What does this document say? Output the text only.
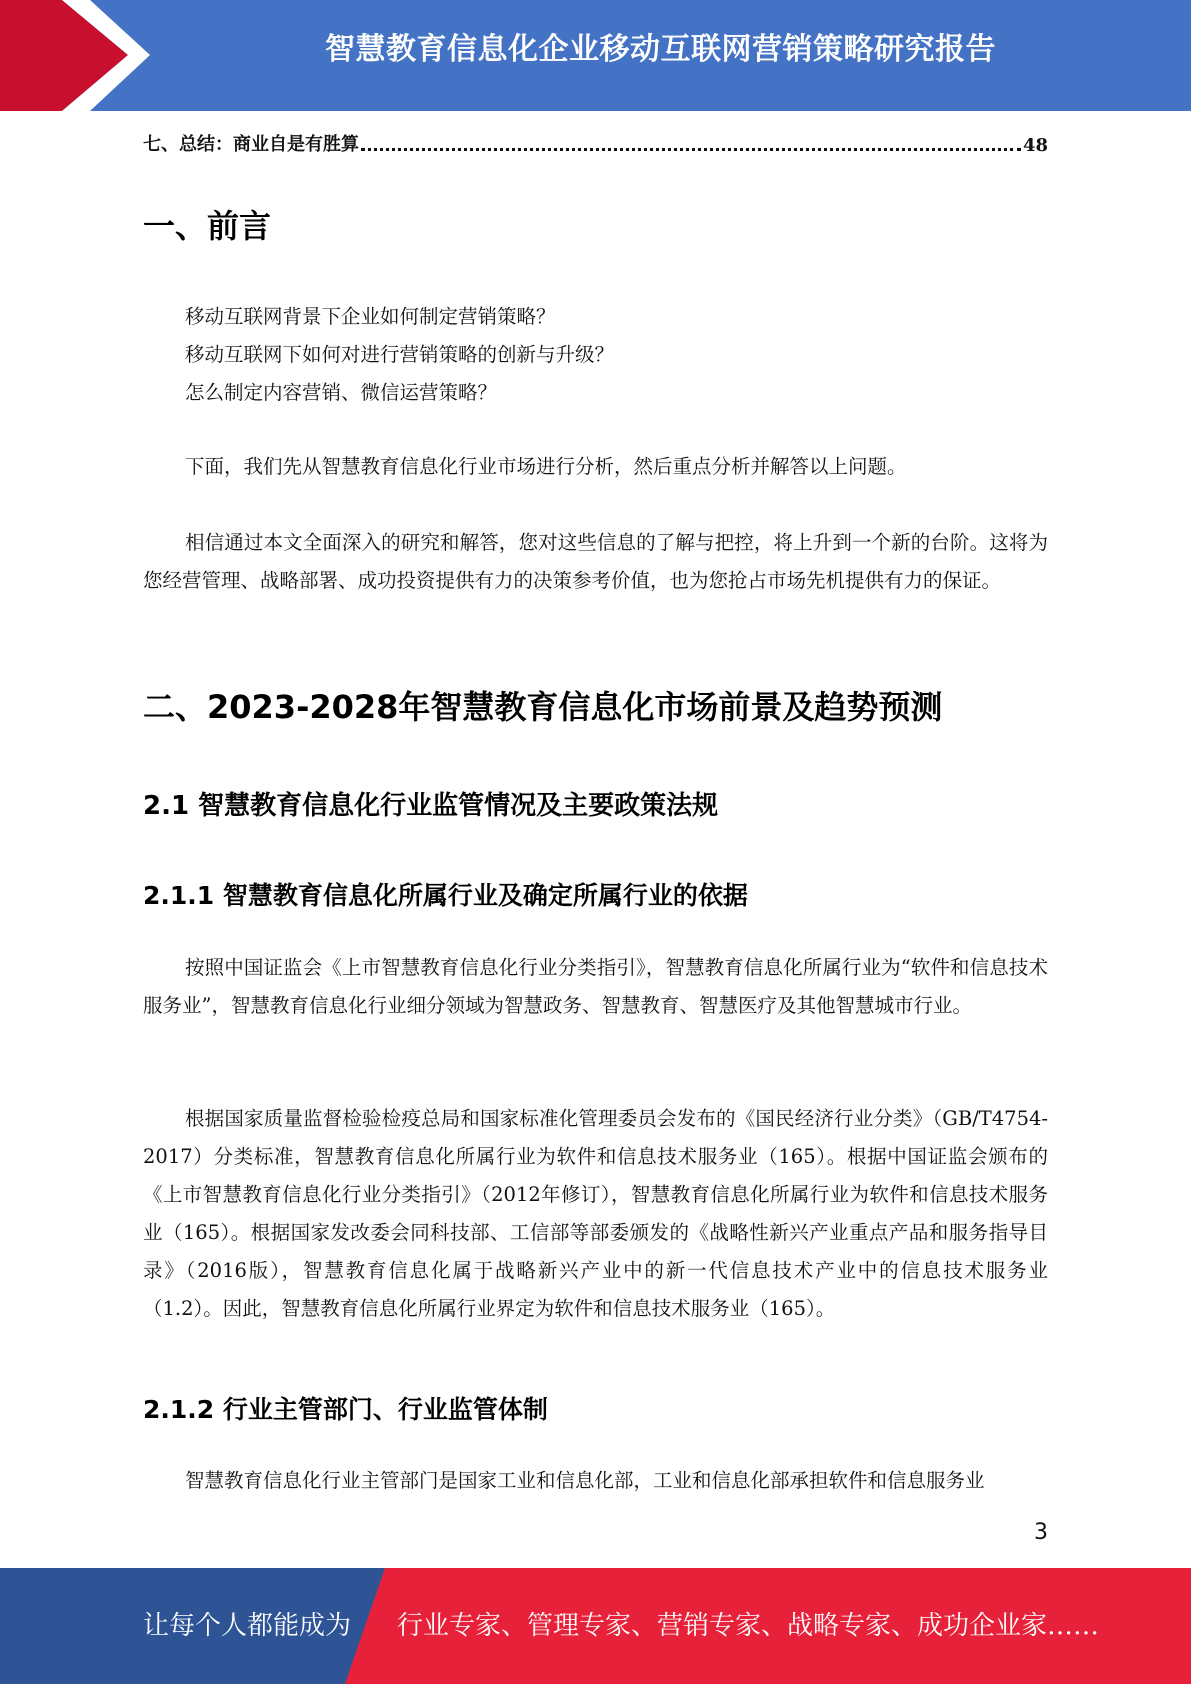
智慧教育信息化企业移动互联网营销策略研究报告
七、总结：商业自是有胜算	48
一、前言
移动互联网背景下企业如何制定营销策略？
移动互联网下如何对进行营销策略的创新与升级？
怎么制定内容营销、微信运营策略？
下面，我们先从智慧教育信息化行业市场进行分析，然后重点分析并解答以上问题。
相信通过本文全面深入的研究和解答，您对这些信息的了解与把控，将上升到一个新的台阶。这将为您经营管理、战略部署、成功投资提供有力的决策参考价值，也为您抢占市场先机提供有力的保证。
二、2023-2028年智慧教育信息化市场前景及趋势预测
2.1 智慧教育信息化行业监管情况及主要政策法规
2.1.1 智慧教育信息化所属行业及确定所属行业的依据
按照中国证监会《上市智慧教育信息化行业分类指引》，智慧教育信息化所属行业为“软件和信息技术服务业”，智慧教育信息化行业细分领域为智慧政务、智慧教育、智慧医疗及其他智慧城市行业。
根据国家质量监督检验检疫总局和国家标准化管理委员会发布的《国民经济行业分类》（GB/T4754-2017）分类标准，智慧教育信息化所属行业为软件和信息技术服务业（165）。根据中国证监会颁布的《上市智慧教育信息化行业分类指引》（2012年修订），智慧教育信息化所属行业为软件和信息技术服务业（165）。根据国家发改委会同科技部、工信部等部委颁发的《战略性新兴产业重点产品和服务指导目录》（2016版），智慧教育信息化属于战略新兴产业中的新一代信息技术产业中的信息技术服务业（1.2）。因此，智慧教育信息化所属行业界定为软件和信息技术服务业（165）。
2.1.2 行业主管部门、行业监管体制
智慧教育信息化行业主管部门是国家工业和信息化部，工业和信息化部承担软件和信息服务业
3
让每个人都能成为 行业专家、管理专家、营销专家、战略专家、成功企业家……
